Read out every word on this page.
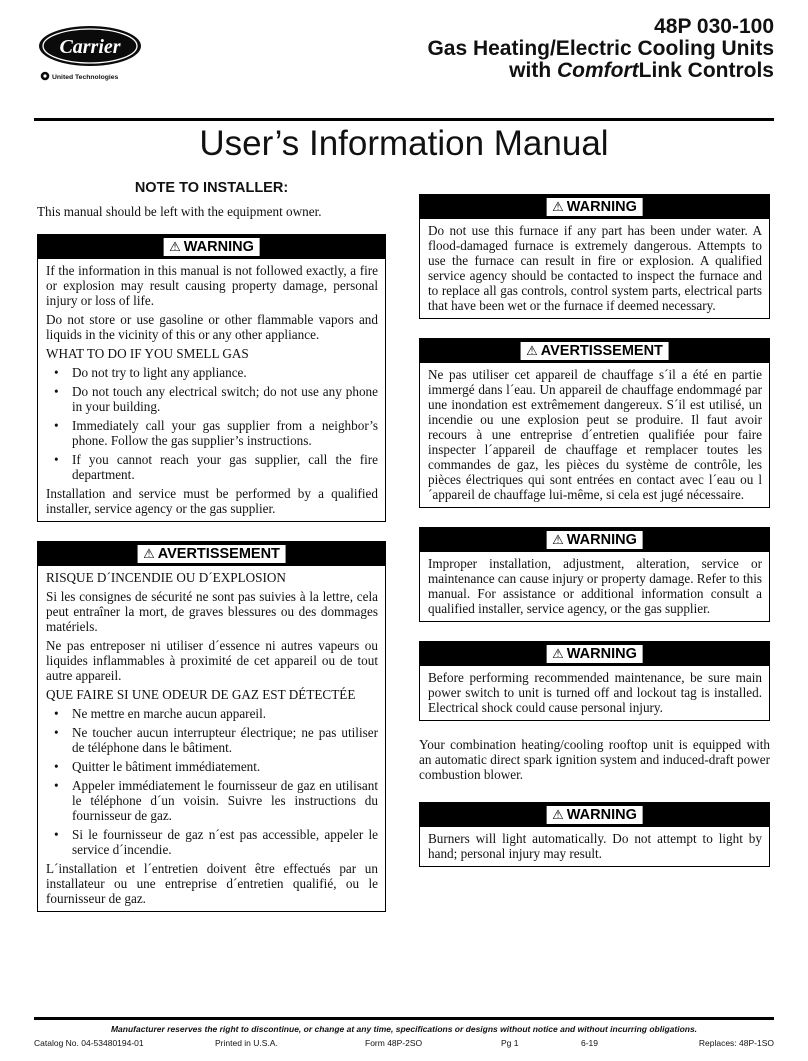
Carrier
United Technologies
48P 030-100
Gas Heating/Electric Cooling Units
with ComfortLink Controls
User’s Information Manual
NOTE TO INSTALLER:

This manual should be left with the equipment owner.

⚠ WARNING

If the information in this manual is not followed exactly, a fire or explosion may result causing property damage, personal injury or loss of life.

Do not store or use gasoline or other flammable vapors and liquids in the vicinity of this or any other appliance.

WHAT TO DO IF YOU SMELL GAS

• Do not try to light any appliance.
• Do not touch any electrical switch; do not use any phone in your building.
• Immediately call your gas supplier from a neighbor’s phone. Follow the gas supplier’s instructions.
• If you cannot reach your gas supplier, call the fire department.

Installation and service must be performed by a qualified installer, service agency or the gas supplier.

⚠ AVERTISSEMENT

RISQUE D´INCENDIE OU D´EXPLOSION

Si les consignes de sécurité ne sont pas suivies à la lettre, cela peut entraîner la mort, de graves blessures ou des dommages matériels.

Ne pas entreposer ni utiliser d´essence ni autres vapeurs ou liquides inflammables à proximité de cet appareil ou de tout autre appareil.

QUE FAIRE SI UNE ODEUR DE GAZ EST DÉTECTÉE

• Ne mettre en marche aucun appareil.
• Ne toucher aucun interrupteur électrique; ne pas utiliser de téléphone dans le bâtiment.
• Quitter le bâtiment immédiatement.
• Appeler immédiatement le fournisseur de gaz en utilisant le téléphone d´un voisin. Suivre les instructions du fournisseur de gaz.
• Si le fournisseur de gaz n´est pas accessible, appeler le service d´incendie.

L´installation et l´entretien doivent être effectués par un installateur ou une entreprise d´entretien qualifié, ou le fournisseur de gaz.

⚠ WARNING

Do not use this furnace if any part has been under water. A flood-damaged furnace is extremely dangerous. Attempts to use the furnace can result in fire or explosion. A qualified service agency should be contacted to inspect the furnace and to replace all gas controls, control system parts, electrical parts that have been wet or the furnace if deemed necessary.

⚠ AVERTISSEMENT

Ne pas utiliser cet appareil de chauffage s´il a été en partie immergé dans l´eau. Un appareil de chauffage endommagé par une inondation est extrêmement dangereux. S´il est utilisé, un incendie ou une explosion peut se produire. Il faut avoir recours à une entreprise d´entretien qualifiée pour faire inspecter l´appareil de chauffage et remplacer toutes les commandes de gaz, les pièces du système de contrôle, les pièces électriques qui sont entrées en contact avec l´eau ou l´appareil de chauffage lui-même, si cela est jugé nécessaire.

⚠ WARNING

Improper installation, adjustment, alteration, service or maintenance can cause injury or property damage. Refer to this manual. For assistance or additional information consult a qualified installer, service agency, or the gas supplier.

⚠ WARNING

Before performing recommended maintenance, be sure main power switch to unit is turned off and lockout tag is installed. Electrical shock could cause personal injury.

Your combination heating/cooling rooftop unit is equipped with an automatic direct spark ignition system and induced-draft power combustion blower.

⚠ WARNING

Burners will light automatically. Do not attempt to light by hand; personal injury may result.

Manufacturer reserves the right to discontinue, or change at any time, specifications or designs without notice and without incurring obligations.
Catalog No. 04-53480194-01	Printed in U.S.A.	Form 48P-2SO	Pg 1	6-19	Replaces: 48P-1SO
